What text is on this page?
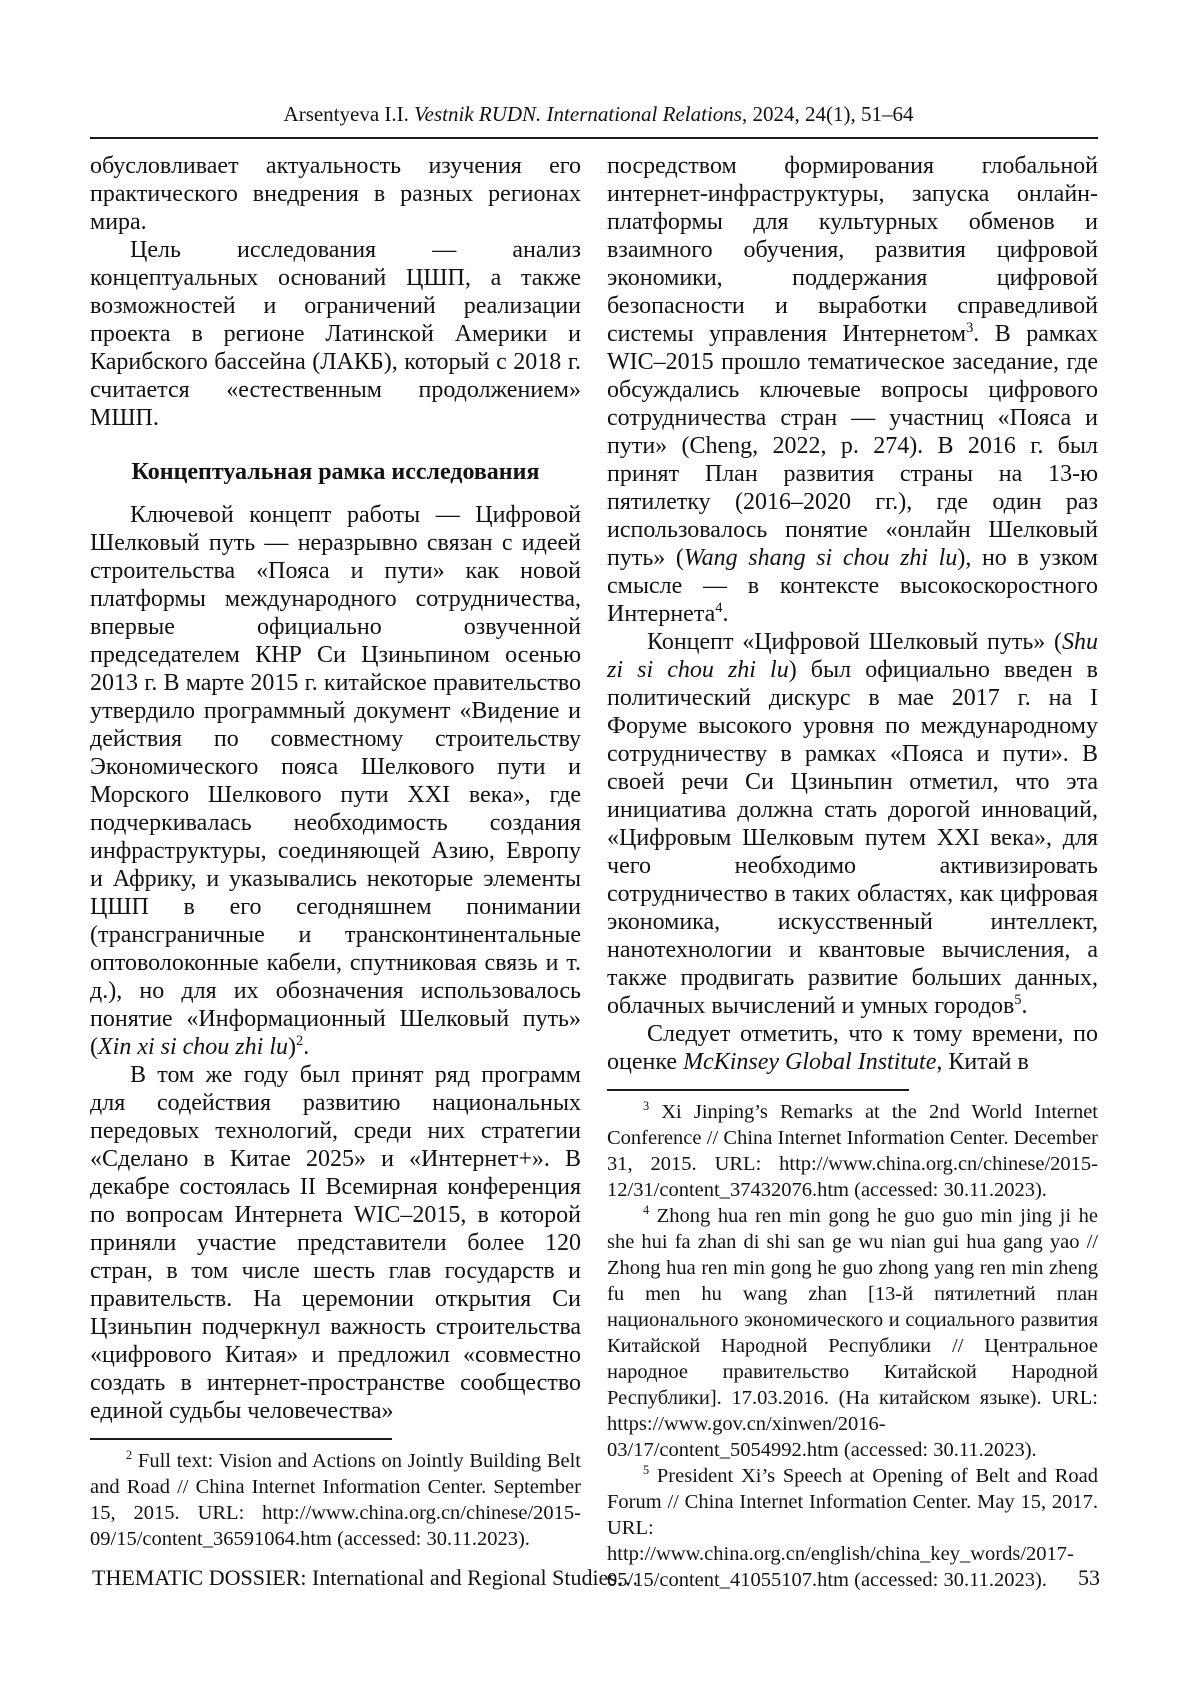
Arsentyeva I.I. Vestnik RUDN. International Relations, 2024, 24(1), 51–64

обусловливает актуальность изучения его практического внедрения в разных регионах мира.

Цель исследования — анализ концептуальных оснований ЦШП, а также возможностей и ограничений реализации проекта в регионе Латинской Америки и Карибского бассейна (ЛАКБ), который с 2018 г. считается «естественным продолжением» МШП.

Концептуальная рамка исследования

Ключевой концепт работы — Цифровой Шелковый путь — неразрывно связан с идеей строительства «Пояса и пути» как новой платформы международного сотрудничества, впервые официально озвученной председателем КНР Си Цзиньпином осенью 2013 г. В марте 2015 г. китайское правительство утвердило программный документ «Видение и действия по совместному строительству Экономического пояса Шелкового пути и Морского Шелкового пути XXI века», где подчеркивалась необходимость создания инфраструктуры, соединяющей Азию, Европу и Африку, и указывались некоторые элементы ЦШП в его сегодняшнем понимании (трансграничные и трансконтинентальные оптоволоконные кабели, спутниковая связь и т. д.), но для их обозначения использовалось понятие «Информационный Шелковый путь» (Xin xi si chou zhi lu)$^2$.

В том же году был принят ряд программ для содействия развитию национальных передовых технологий, среди них стратегии «Сделано в Китае 2025» и «Интернет+». В декабре состоялась II Всемирная конференция по вопросам Интернета WIC–2015, в которой приняли участие представители более 120 стран, в том числе шесть глав государств и правительств. На церемонии открытия Си Цзиньпин подчеркнул важность строительства «цифрового Китая» и предложил «совместно создать в интернет-пространстве сообщество единой судьбы человечества»

$^2$ Full text: Vision and Actions on Jointly Building Belt and Road // China Internet Information Center. September 15, 2015. URL: http://www.china.org.cn/chinese/2015-09/15/content_36591064.htm (accessed: 30.11.2023).

посредством формирования глобальной интернет-инфраструктуры, запуска онлайн-платформы для культурных обменов и взаимного обучения, развития цифровой экономики, поддержания цифровой безопасности и выработки справедливой системы управления Интернетом$^3$. В рамках WIC–2015 прошло тематическое заседание, где обсуждались ключевые вопросы цифрового сотрудничества стран — участниц «Пояса и пути» (Cheng, 2022, p. 274). В 2016 г. был принят План развития страны на 13-ю пятилетку (2016–2020 гг.), где один раз использовалось понятие «онлайн Шелковый путь» (Wang shang si chou zhi lu), но в узком смысле — в контексте высокоскоростного Интернета$^4$.

Концепт «Цифровой Шелковый путь» (Shu zi si chou zhi lu) был официально введен в политический дискурс в мае 2017 г. на I Форуме высокого уровня по международному сотрудничеству в рамках «Пояса и пути». В своей речи Си Цзиньпин отметил, что эта инициатива должна стать дорогой инноваций, «Цифровым Шелковым путем XXI века», для чего необходимо активизировать сотрудничество в таких областях, как цифровая экономика, искусственный интеллект, нанотехнологии и квантовые вычисления, а также продвигать развитие больших данных, облачных вычислений и умных городов$^5$.

Следует отметить, что к тому времени, по оценке McKinsey Global Institute, Китай в

$^3$ Xi Jinping’s Remarks at the 2nd World Internet Conference // China Internet Information Center. December 31, 2015. URL: http://www.china.org.cn/chinese/2015-12/31/content_37432076.htm (accessed: 30.11.2023).

$^4$ Zhong hua ren min gong he guo guo min jing ji he she hui fa zhan di shi san ge wu nian gui hua gang yao // Zhong hua ren min gong he guo zhong yang ren min zheng fu men hu wang zhan [13-й пятилетний план национального экономического и социального развития Китайской Народной Республики // Центральное народное правительство Китайской Народной Республики]. 17.03.2016. (На китайском языке). URL: https://www.gov.cn/xinwen/2016-03/17/content_5054992.htm (accessed: 30.11.2023).

$^5$ President Xi’s Speech at Opening of Belt and Road Forum // China Internet Information Center. May 15, 2017. URL: http://www.china.org.cn/english/china_key_words/2017-05/15/content_41055107.htm (accessed: 30.11.2023).

THEMATIC DOSSIER: International and Regional Studies…	53
